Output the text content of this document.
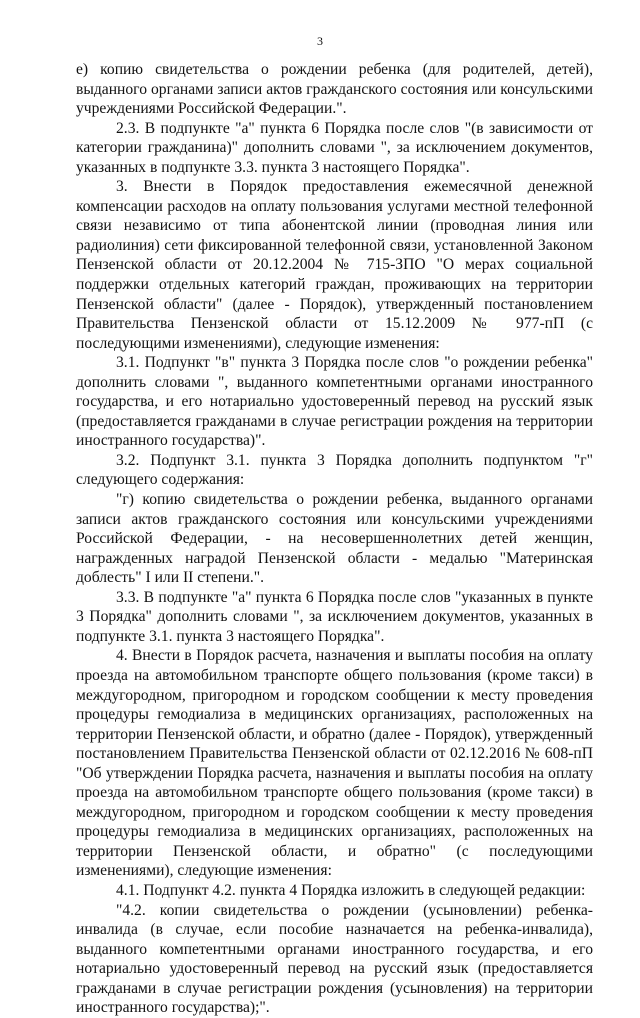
3

е) копию свидетельства о рождении ребенка (для родителей, детей), выданного органами записи актов гражданского состояния или консульскими учреждениями Российской Федерации.".

2.3. В подпункте "а" пункта 6 Порядка после слов "(в зависимости от категории гражданина)" дополнить словами ", за исключением документов, указанных в подпункте 3.3. пункта 3 настоящего Порядка".

3. Внести в Порядок предоставления ежемесячной денежной компенсации расходов на оплату пользования услугами местной телефонной связи независимо от типа абонентской линии (проводная линия или радиолиния) сети фиксированной телефонной связи, установленной Законом Пензенской области от 20.12.2004 № 715-ЗПО "О мерах социальной поддержки отдельных категорий граждан, проживающих на территории Пензенской области" (далее - Порядок), утвержденный постановлением Правительства Пензенской области от 15.12.2009 № 977-пП (с последующими изменениями), следующие изменения:

3.1. Подпункт "в" пункта 3 Порядка после слов "о рождении ребенка" дополнить словами ", выданного компетентными органами иностранного государства, и его нотариально удостоверенный перевод на русский язык (предоставляется гражданами в случае регистрации рождения на территории иностранного государства)".

3.2. Подпункт 3.1. пункта 3 Порядка дополнить подпунктом "г" следующего содержания:

"г) копию свидетельства о рождении ребенка, выданного органами записи актов гражданского состояния или консульскими учреждениями Российской Федерации, - на несовершеннолетних детей женщин, награжденных наградой Пензенской области - медалью "Материнская доблесть" I или II степени.".

3.3. В подпункте "а" пункта 6 Порядка после слов "указанных в пункте 3 Порядка" дополнить словами ", за исключением документов, указанных в подпункте 3.1. пункта 3 настоящего Порядка".

4. Внести в Порядок расчета, назначения и выплаты пособия на оплату проезда на автомобильном транспорте общего пользования (кроме такси) в междугородном, пригородном и городском сообщении к месту проведения процедуры гемодиализа в медицинских организациях, расположенных на территории Пензенской области, и обратно (далее - Порядок), утвержденный постановлением Правительства Пензенской области от 02.12.2016 № 608-пП "Об утверждении Порядка расчета, назначения и выплаты пособия на оплату проезда на автомобильном транспорте общего пользования (кроме такси) в междугородном, пригородном и городском сообщении к месту проведения процедуры гемодиализа в медицинских организациях, расположенных на территории Пензенской области, и обратно" (с последующими изменениями), следующие изменения:

4.1. Подпункт 4.2. пункта 4 Порядка изложить в следующей редакции:

"4.2. копии свидетельства о рождении (усыновлении) ребенка-инвалида (в случае, если пособие назначается на ребенка-инвалида), выданного компетентными органами иностранного государства, и его нотариально удостоверенный перевод на русский язык (предоставляется гражданами в случае регистрации рождения (усыновления) на территории иностранного государства);".
